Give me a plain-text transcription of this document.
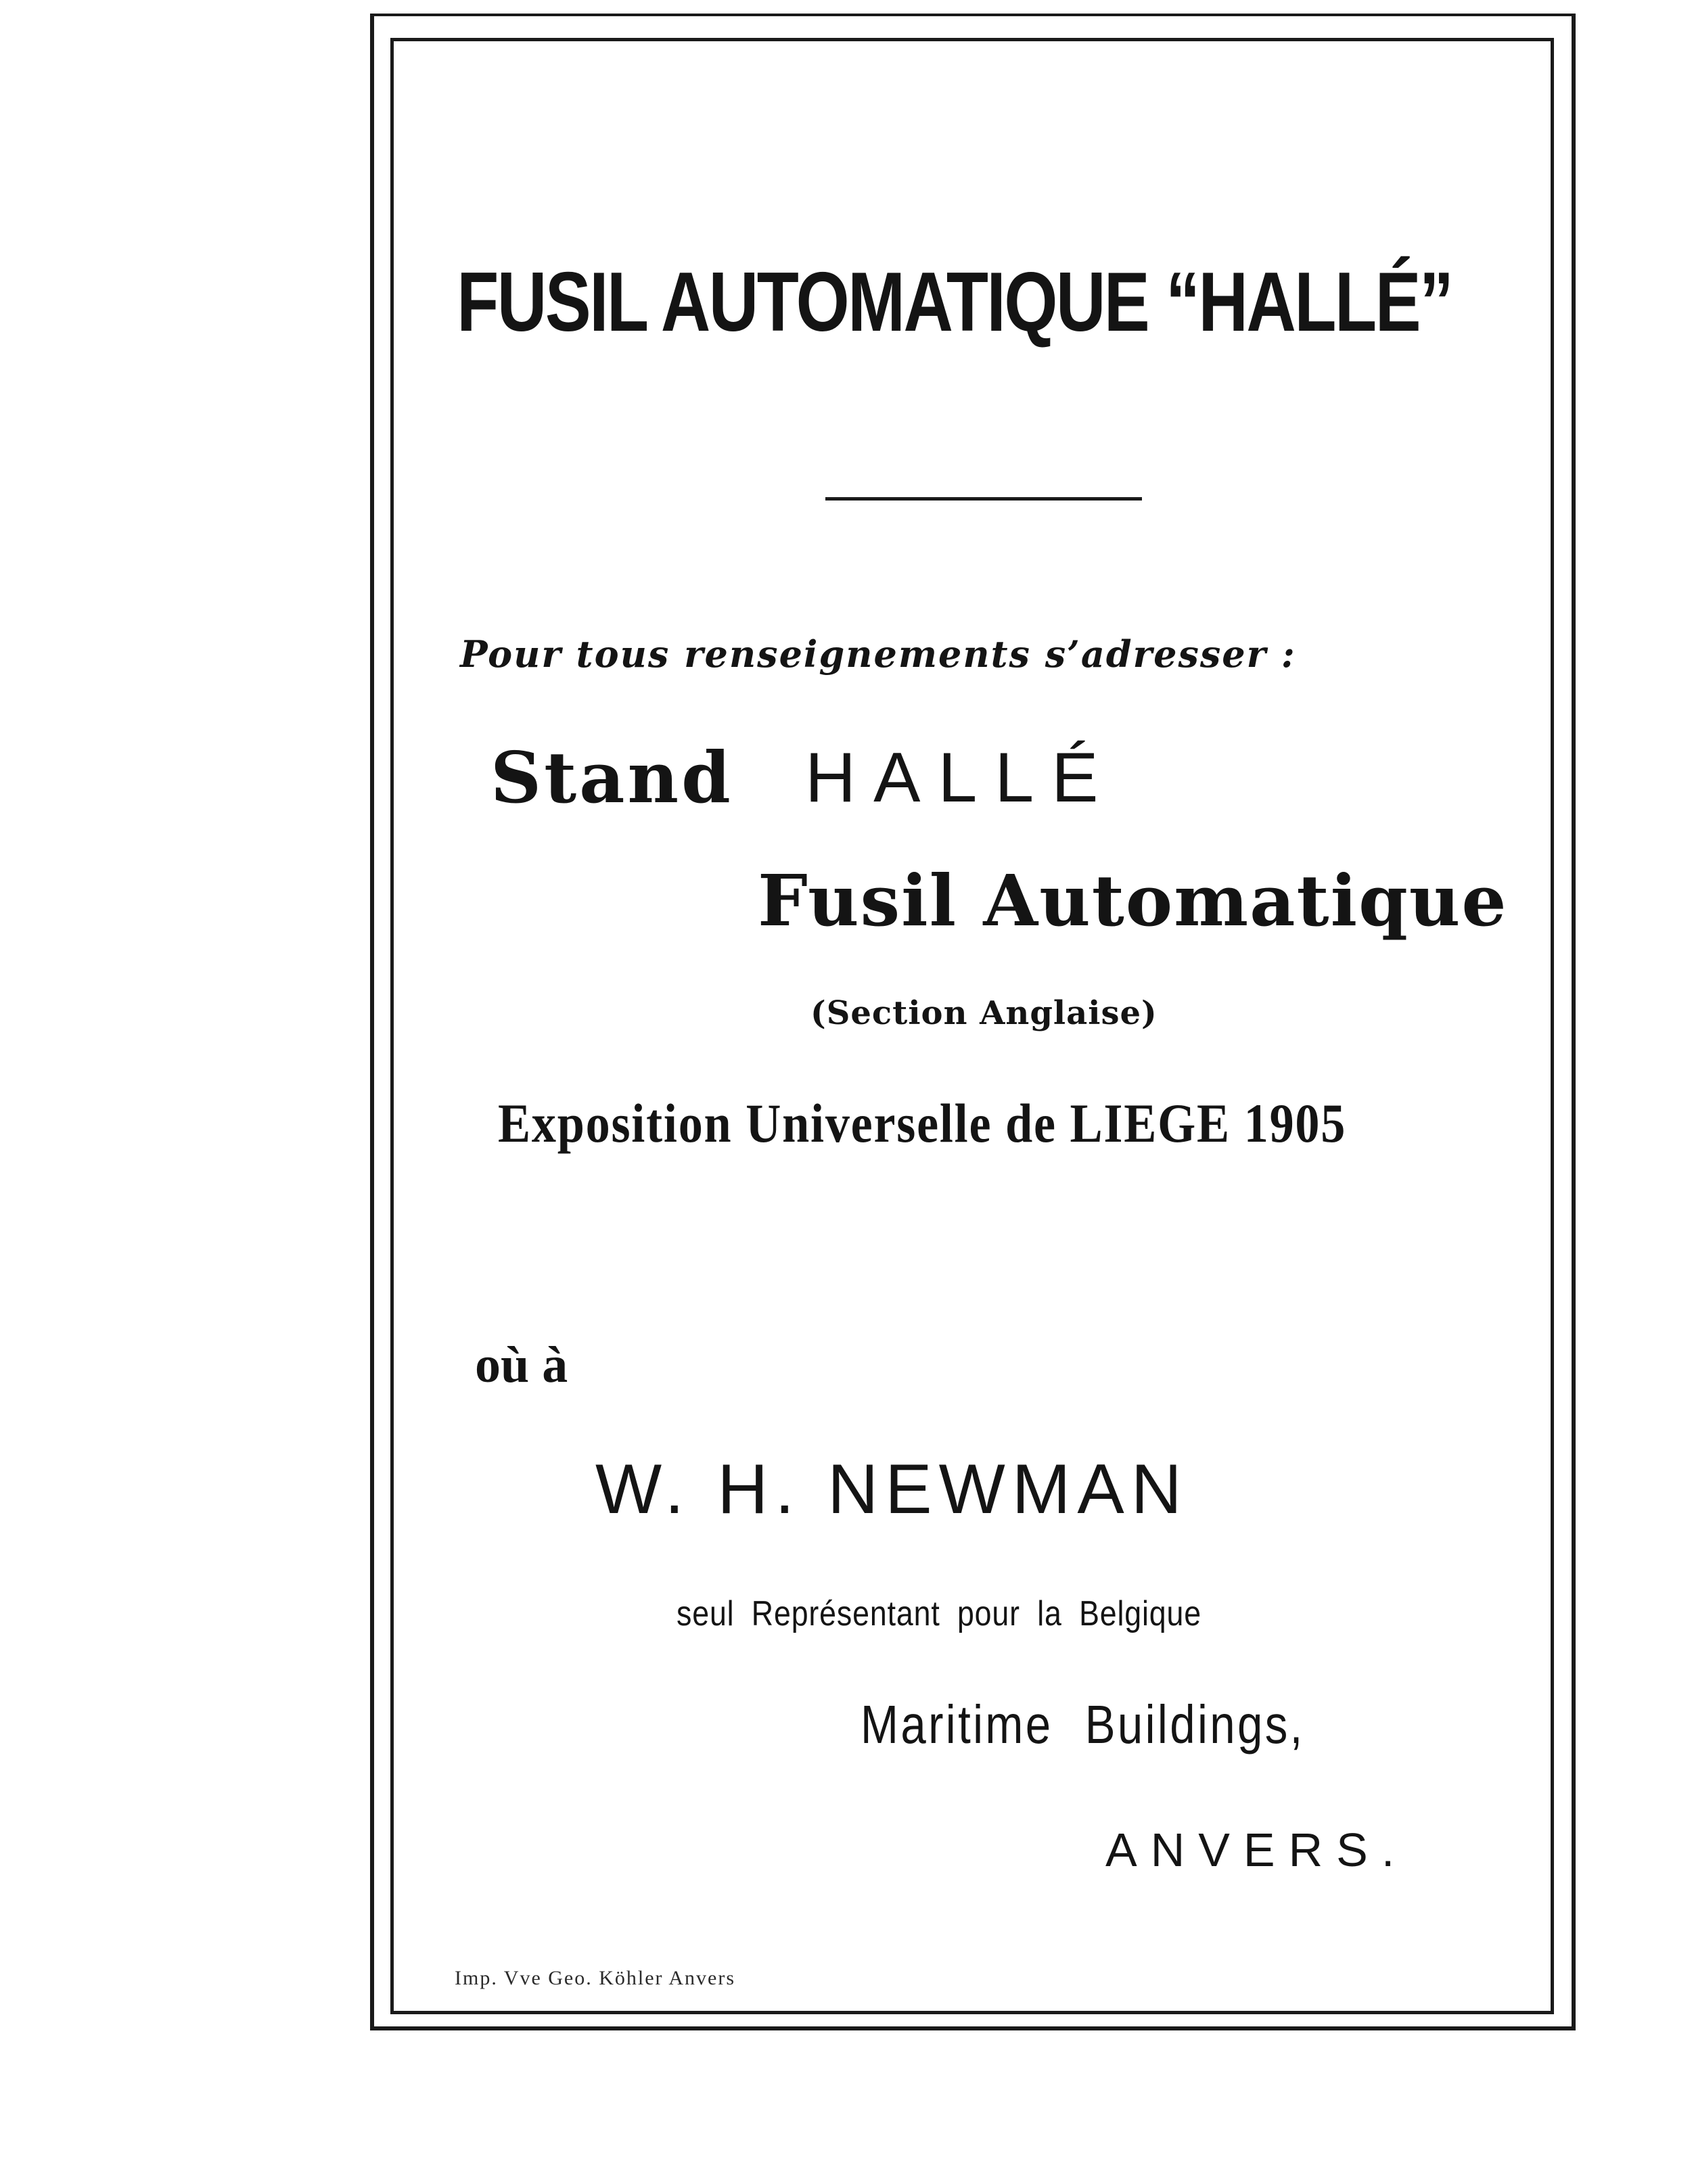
FUSIL AUTOMATIQUE “HALLÉ”
Pour tous renseignements s’adresser :
Stand HALLÉ
Fusil Automatique
(Section Anglaise)
Exposition Universelle de LIEGE 1905
où à
W. H. NEWMAN
seul Représentant pour la Belgique
Maritime Buildings,
ANVERS.
Imp. Vve Geo. Köhler Anvers
